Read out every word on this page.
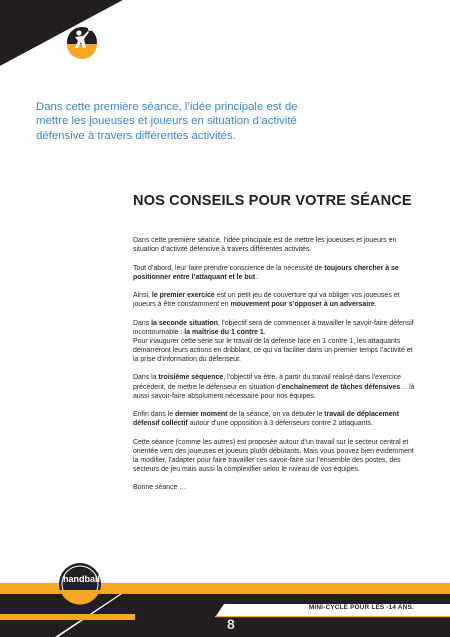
Dans cette première séance, l’idée principale est de mettre les joueuses et joueurs en situation d’activité défensive à travers différentes activités.
NOS CONSEILS POUR VOTRE SÉANCE

Dans cette première séance, l’idée principale est de mettre les joueuses et joueurs en situation d’activité défensive à travers différentes activités.

Tout d’abord, leur faire prendre conscience de la nécessité de toujours chercher à se positionner entre l’attaquant et le but.

Ainsi, le premier exercice est un petit jeu de couverture qui va obliger vos joueuses et joueurs à être constamment en mouvement pour s’opposer à un adversaire.

Dans la seconde situation, l’objectif sera de commencer à travailler le savoir-faire défensif incontournable : la maîtrise du 1 contre 1.
Pour inaugurer cette série sur le travail de la défense face en 1 contre 1, les attaquants démarreront leurs actions en dribblant, ce qui va faciliter dans un premier temps l’activité et la prise d’information du défenseur.

Dans la troisième séquence, l’objectif va être, à partir du travail réalisé dans l’exercice précédent, de mettre le défenseur en situation d’enchaînement de tâches défensives… là aussi savoir-faire absolument nécessaire pour nos équipes.

Enfin dans le dernier moment de la séance, on va débuter le travail de déplacement défensif collectif autour d’une opposition à 3 défenseurs contre 2 attaquants.

Cette séance (comme les autres) est proposée autour d’un travail sur le secteur central et orientée vers des joueuses et joueurs plutôt débutants. Mais vous pouvez bien évidemment la modifier, l’adapter pour faire travailler ces savoir-faire sur l’ensemble des postes, des secteurs de jeu mais aussi la complexifier selon le niveau de vos équipes.

Bonne séance …

handball
MINI-CYCLE POUR LES -14 ANS.
8
